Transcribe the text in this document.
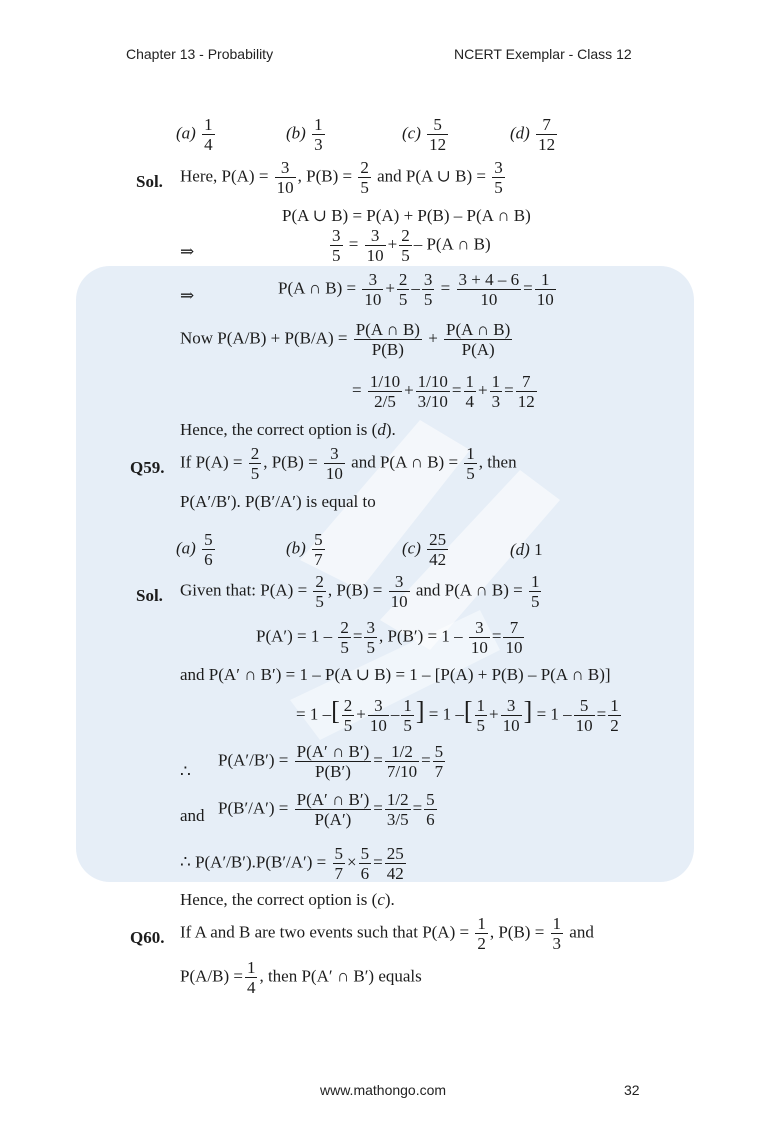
Chapter 13 - Probability	NCERT Exemplar - Class 12
$(a) \frac{1}{4}$	$(b) \frac{1}{3}$	$(c) \frac{5}{12}$	$(d) \frac{7}{12}$
Sol. Here, $P(A) = \frac{3}{10}$ , $P(B) = \frac{2}{5}$ and P(A ∪ $B) = \frac{3}{5}$
P(A ∪ B) = P(A) + P(B) – P(A ∩ B)
⇒	$\frac{3}{5} = \frac{3}{10} + \frac{2}{5} - P(A$ ∩ B)
⇒	P(A ∩ $B) = \frac{3}{10} + \frac{2}{5} - \frac{3}{5} = \frac{3 + 4 - 6}{10} = \frac{1}{10}$
Now $P(A/B) + P(B/A) = \frac{P(A \cap B)}{P(B)} + \frac{P(A \cap B)}{P(A)}$
= $\frac{1/10}{2/5} + \frac{1/10}{3/10} = \frac{1}{4} + \frac{1}{3} = \frac{7}{12}$
Hence, the correct option is (d).
Q59. If $P(A) = \frac{2}{5}$ , $P(B) = \frac{3}{10}$ and P(A ∩ $B) = \frac{1}{5}$ , then
P(A′/B′). P(B′/A′) is equal to
$(a) \frac{5}{6}$	$(b) \frac{5}{7}$	$(c) \frac{25}{42}$	(d) 1
Sol. Given that: $P(A) = \frac{2}{5}$ , $P(B) = \frac{3}{10}$ and P(A ∩ $B) = \frac{1}{5}$
$P(A') = 1 - \frac{2}{5} = \frac{3}{5}$ , $P(B') = 1 - \frac{3}{10} = \frac{7}{10}$
and P(A′ ∩ B′) = 1 – P(A ∪ B) = 1 – [P(A) + P(B) – P(A ∩ B)]
= 1 –[ $\frac{2}{5} + \frac{3}{10} - \frac{1}{5}$ ] = 1 –[ $\frac{1}{5} + \frac{3}{10}$ ] = $1 - \frac{5}{10} = \frac{1}{2}$
∴
$P(A'/B') = \frac{P(A' \cap B')}{P(B')} = \frac{1/2}{7/10} = \frac{5}{7}$
and $P(B'/A') = \frac{P(A' \cap B')}{P(A')} = \frac{1/2}{3/5} = \frac{5}{6}$
∴ $P(A'/B').P(B'/A') = \frac{5}{7} \times \frac{5}{6} = \frac{25}{42}$
Hence, the correct option is (c).
Q60. If A and B are two events such that $P(A) = \frac{1}{2}$ , $P(B) = \frac{1}{3}$ and
$P(A/B) = \frac{1}{4}$ , then P(A′ ∩ B′) equals
www.mathongo.com	32
